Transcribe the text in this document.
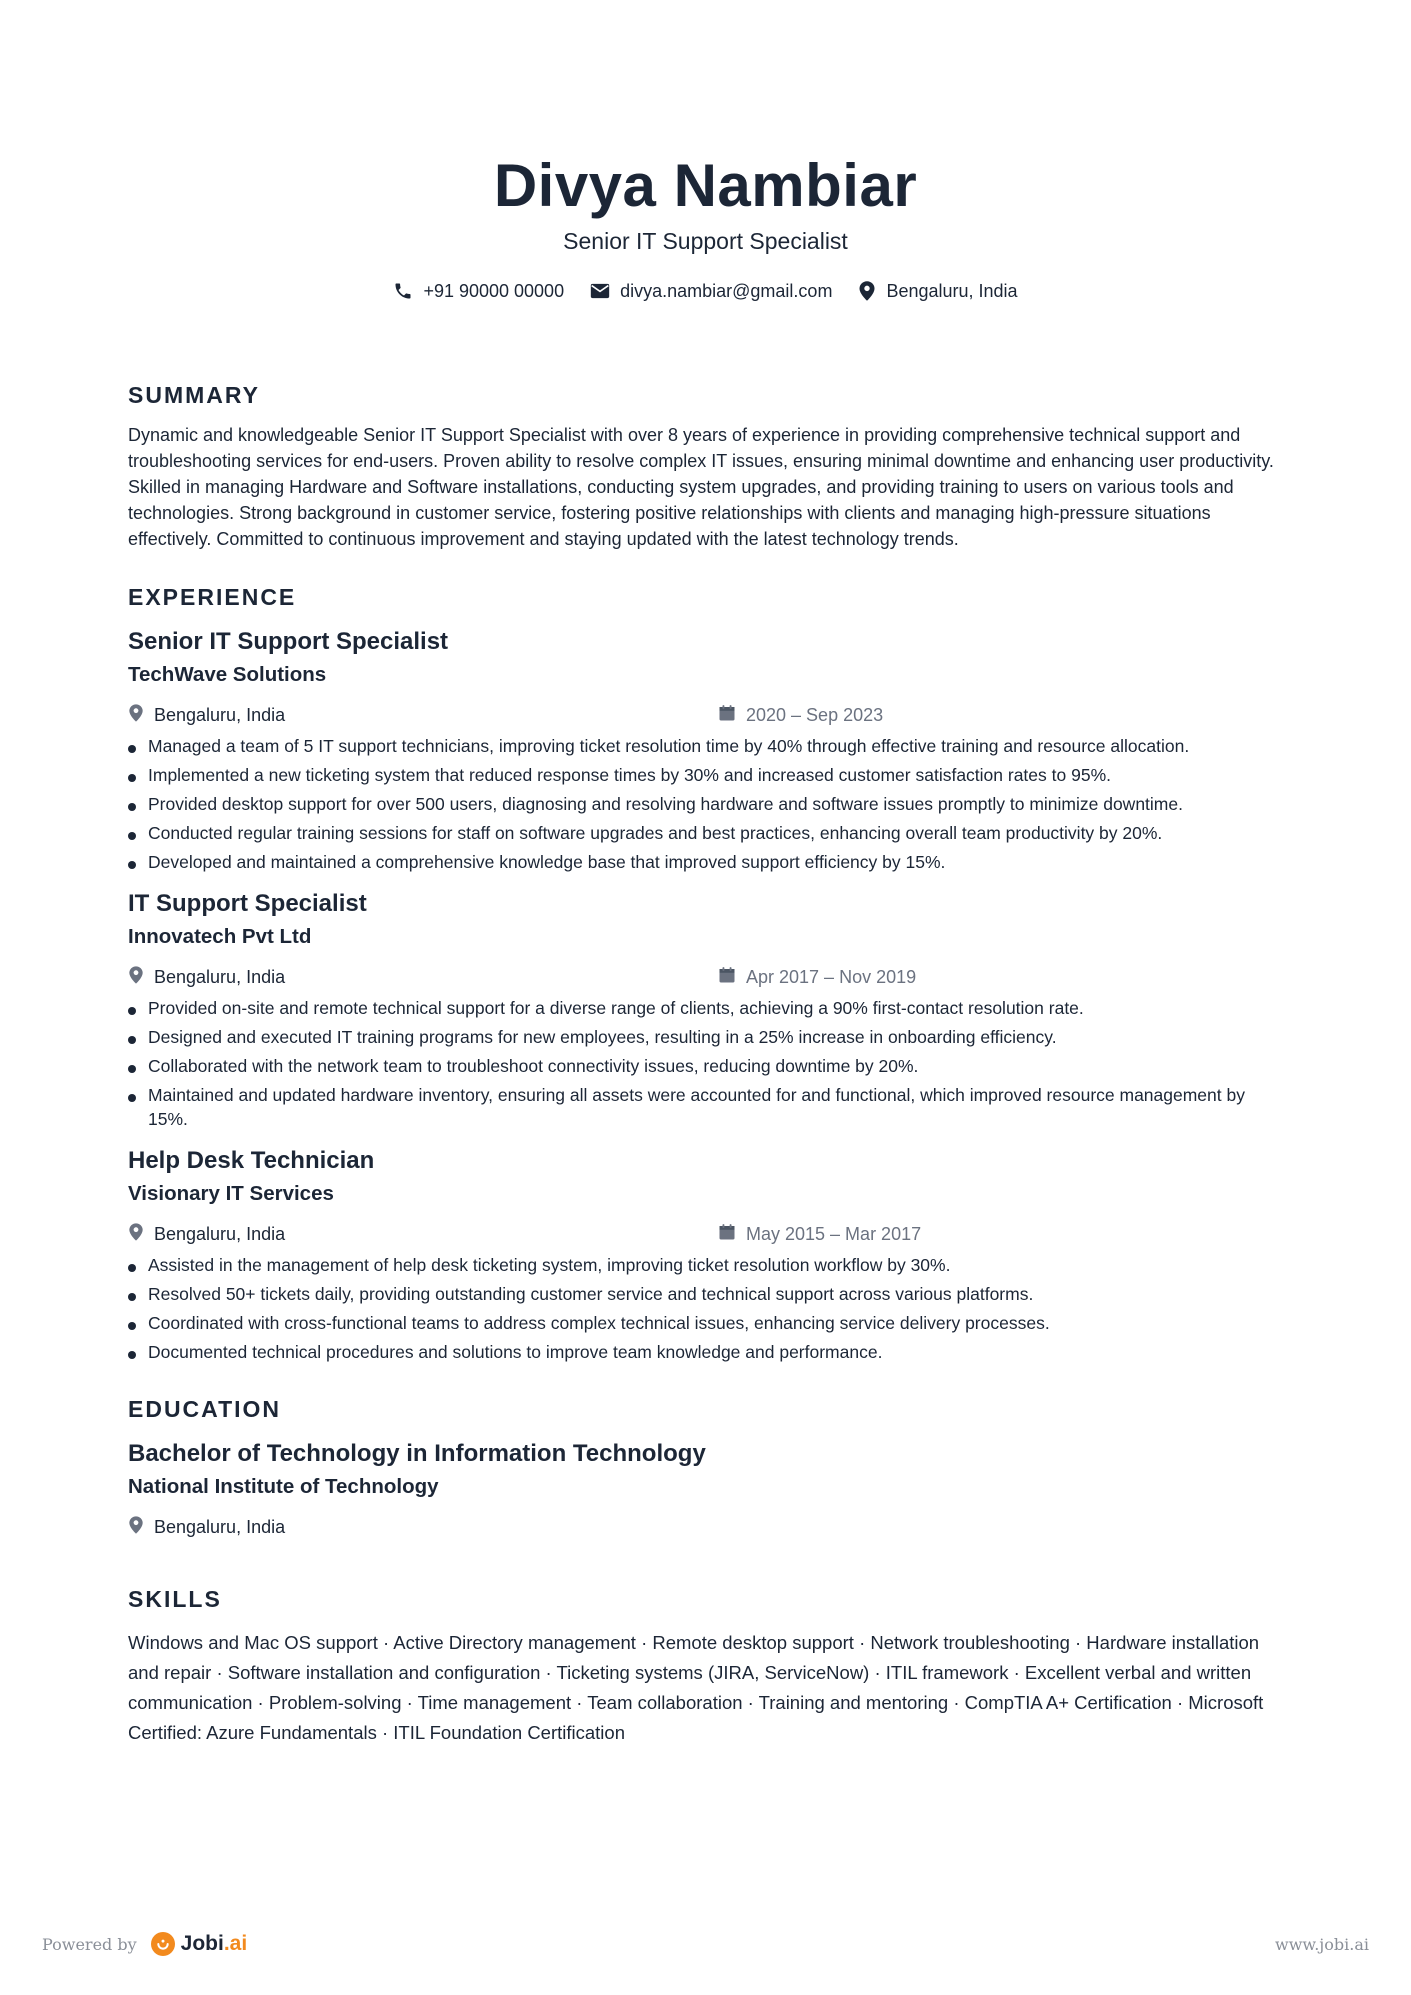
Divya Nambiar
Senior IT Support Specialist
+91 90000 00000	divya.nambiar@gmail.com	Bengaluru, India
SUMMARY
Dynamic and knowledgeable Senior IT Support Specialist with over 8 years of experience in providing comprehensive technical support and troubleshooting services for end-users. Proven ability to resolve complex IT issues, ensuring minimal downtime and enhancing user productivity. Skilled in managing Hardware and Software installations, conducting system upgrades, and providing training to users on various tools and technologies. Strong background in customer service, fostering positive relationships with clients and managing high-pressure situations effectively. Committed to continuous improvement and staying updated with the latest technology trends.
EXPERIENCE
Senior IT Support Specialist
TechWave Solutions
Bengaluru, India	2020 – Sep 2023
Managed a team of 5 IT support technicians, improving ticket resolution time by 40% through effective training and resource allocation.
Implemented a new ticketing system that reduced response times by 30% and increased customer satisfaction rates to 95%.
Provided desktop support for over 500 users, diagnosing and resolving hardware and software issues promptly to minimize downtime.
Conducted regular training sessions for staff on software upgrades and best practices, enhancing overall team productivity by 20%.
Developed and maintained a comprehensive knowledge base that improved support efficiency by 15%.
IT Support Specialist
Innovatech Pvt Ltd
Bengaluru, India	Apr 2017 – Nov 2019
Provided on-site and remote technical support for a diverse range of clients, achieving a 90% first-contact resolution rate.
Designed and executed IT training programs for new employees, resulting in a 25% increase in onboarding efficiency.
Collaborated with the network team to troubleshoot connectivity issues, reducing downtime by 20%.
Maintained and updated hardware inventory, ensuring all assets were accounted for and functional, which improved resource management by 15%.
Help Desk Technician
Visionary IT Services
Bengaluru, India	May 2015 – Mar 2017
Assisted in the management of help desk ticketing system, improving ticket resolution workflow by 30%.
Resolved 50+ tickets daily, providing outstanding customer service and technical support across various platforms.
Coordinated with cross-functional teams to address complex technical issues, enhancing service delivery processes.
Documented technical procedures and solutions to improve team knowledge and performance.
EDUCATION
Bachelor of Technology in Information Technology
National Institute of Technology
Bengaluru, India
SKILLS
Windows and Mac OS support · Active Directory management · Remote desktop support · Network troubleshooting · Hardware installation and repair · Software installation and configuration · Ticketing systems (JIRA, ServiceNow) · ITIL framework · Excellent verbal and written communication · Problem-solving · Time management · Team collaboration · Training and mentoring · CompTIA A+ Certification · Microsoft Certified: Azure Fundamentals · ITIL Foundation Certification
Powered by Jobi.ai	www.jobi.ai
